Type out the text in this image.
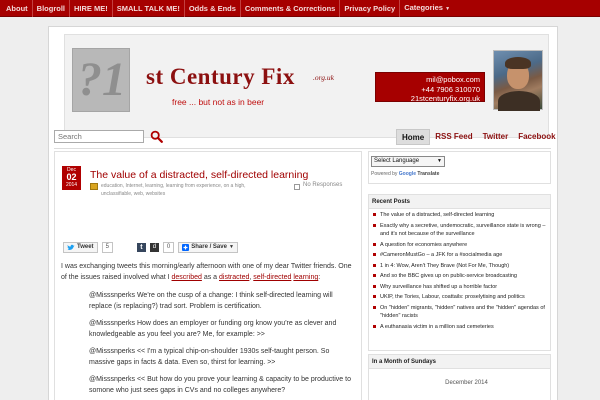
About	Blogroll	HIRE ME!	SMALL TALK ME!	Odds & Ends	Comments & Corrections	Privacy Policy	Categories ▼
?1 st Century Fix .org.uk
free ... but not as in beer
mil@pobox.com
+44 7906 310070
21stcenturyfix.org.uk
Search
Home	RSS Feed	Twitter	Facebook
Dec
02
2014
The value of a distracted, self-directed learning
education, Internet, learning, learning from experience, on a high, unclassifiable, web, websites
No Responses
Tweet	5	t	d	0	Share / Save ▼

I was exchanging tweets this morning/early afternoon with one of my dear Twitter friends. One of the issues raised involved what I described as a distracted, self-directed learning:

@Misssnperks We're on the cusp of a change: I think self-directed learning will replace (is replacing?) trad sort. Problem is certification.

@Misssnperks How does an employer or funding org know you're as clever and knowledgeable as you feel you are? Me, for example: >>

@Misssnperks << I'm a typical chip-on-shoulder 1930s self-taught person. So massive gaps in facts & data. Even so, thirst for learning. >>

@Misssnperks << But how do you prove your learning & capacity to be productive to somone who just sees gaps in CVs and no colleges anywhere?

Select Language	▼
Powered by Google Translate
Recent Posts
The value of a distracted, self-directed learning
Exactly why a secretive, undemocratic, surveillance state is wrong – and it's not because of the surveillance
A question for economies anywhere
#CameronMustGo – a JFK for a #socialmedia age
1 in 4: Wow, Aren't They Brave (Not For Me, Though)
And so the BBC gives up on public-service broadcasting
Why surveillance has shifted up a horrible factor
UKIP, the Tories, Labour, coattails: proselytising and politics
On "hidden" migrants, "hidden" natives and the "hidden" agendas of "hidden" racists
A euthanasia victim in a million sad cemeteries
In a Month of Sundays
December 2014
